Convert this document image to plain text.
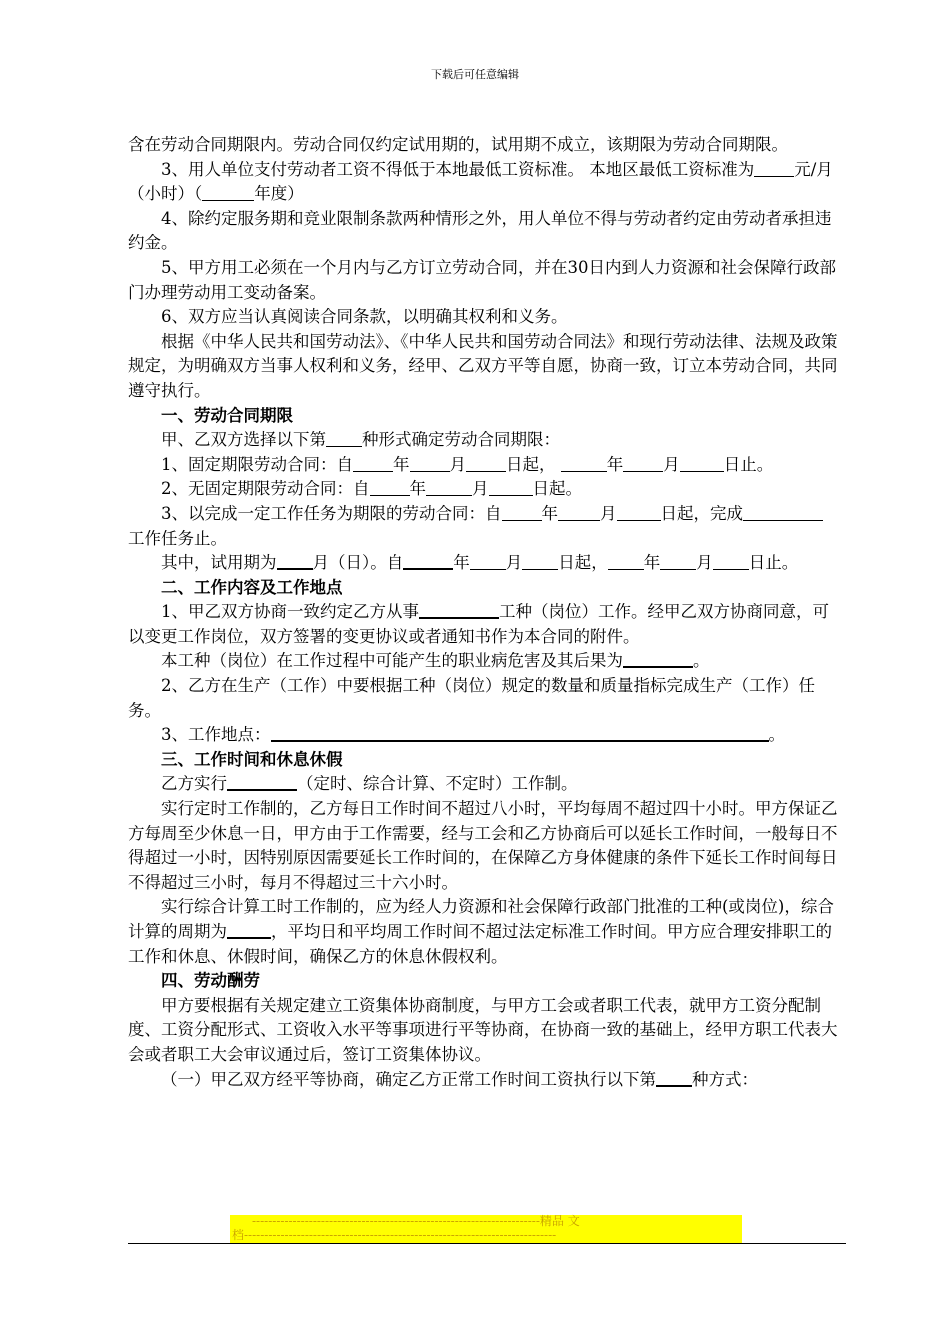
下载后可任意编辑

含在劳动合同期限内。劳动合同仅约定试用期的，试用期不成立，该期限为劳动合同期限。

3、用人单位支付劳动者工资不得低于本地最低工资标准。 本地区最低工资标准为 元/月（小时）（	年度）

4、除约定服务期和竞业限制条款两种情形之外，用人单位不得与劳动者约定由劳动者承担违约金。

5、甲方用工必须在一个月内与乙方订立劳动合同，并在30日内到人力资源和社会保障行政部门办理劳动用工变动备案。

6、双方应当认真阅读合同条款，以明确其权利和义务。

根据《中华人民共和国劳动法》、《中华人民共和国劳动合同法》和现行劳动法律、法规及政策规定，为明确双方当事人权利和义务，经甲、乙双方平等自愿，协商一致，订立本劳动合同，共同遵守执行。

一、劳动合同期限

甲、乙双方选择以下第 种形式确定劳动合同期限：

1、固定期限劳动合同：自 年 月 日起，	年 月	日止。

2、无固定期限劳动合同：自 年	月	日起。

3、以完成一定工作任务为期限的劳动合同：自 年	月	日起，完成工作任务止。

其中，试用期为 月（日）。自	年 月 日起， 年 月 日止。

二、工作内容及工作地点

1、甲乙双方协商一致约定乙方从事	工种（岗位）工作。经甲乙双方协商同意，可以变更工作岗位，双方签署的变更协议或者通知书作为本合同的附件。

本工种（岗位）在工作过程中可能产生的职业病危害及其后果为	。

2、乙方在生产（工作）中要根据工种（岗位）规定的数量和质量指标完成生产（工作）任务。

3、工作地点：	。

三、工作时间和休息休假

乙方实行	（定时、综合计算、不定时）工作制。

实行定时工作制的，乙方每日工作时间不超过八小时，平均每周不超过四十小时。甲方保证乙方每周至少休息一日，甲方由于工作需要，经与工会和乙方协商后可以延长工作时间，一般每日不得超过一小时，因特别原因需要延长工作时间的，在保障乙方身体健康的条件下延长工作时间每日不得超过三小时，每月不得超过三十六小时。

实行综合计算工时工作制的，应为经人力资源和社会保障行政部门批准的工种(或岗位)，综合计算的周期为	，平均日和平均周工作时间不超过法定标准工作时间。甲方应合理安排职工的工作和休息、休假时间，确保乙方的休息休假权利。

四、劳动酬劳

甲方要根据有关规定建立工资集体协商制度，与甲方工会或者职工代表，就甲方工资分配制度、工资分配形式、工资收入水平等事项进行平等协商，在协商一致的基础上，经甲方职工代表大会或者职工大会审议通过后，签订工资集体协议。

（一）甲乙双方经平等协商，确定乙方正常工作时间工资执行以下第 种方式：

-----------------------------------------------------------------------精品 文
档-----------------------------------------------------------------------------
